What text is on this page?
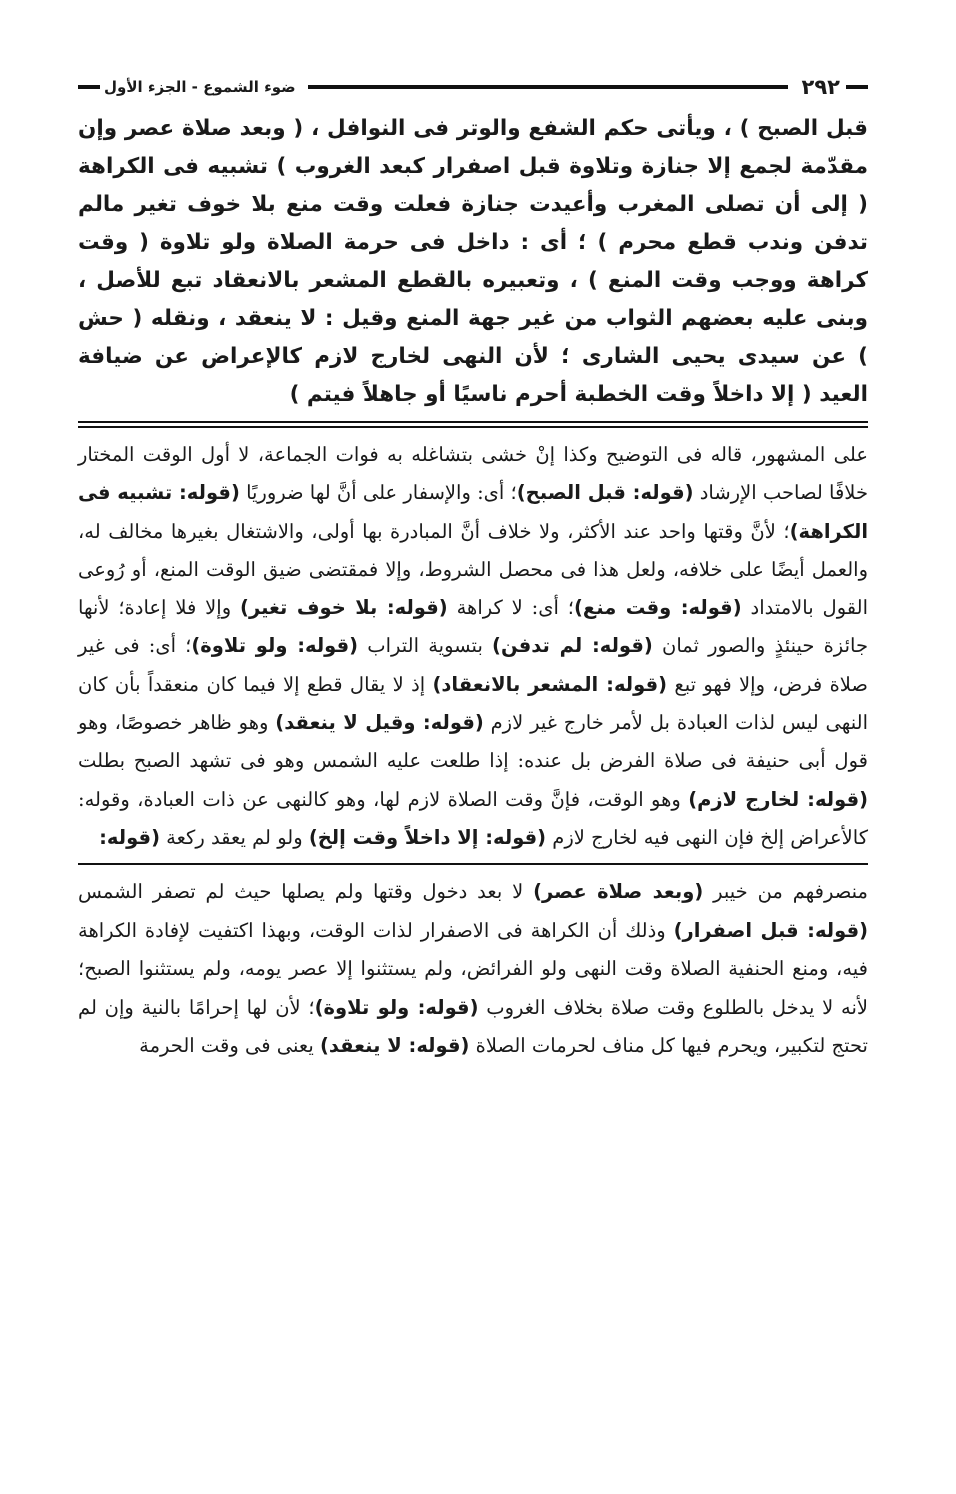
٢٩٢
ضوء الشموع - الجزء الأول
قبل الصبح ) ، ويأتى حكم الشفع والوتر فى النوافل ، ( وبعد صلاة عصر وإن مقدّمة لجمع إلا جنازة وتلاوة قبل اصفرار كبعد الغروب ) تشبيه فى الكراهة ( إلى أن تصلى المغرب وأعيدت جنازة فعلت وقت منع بلا خوف تغير مالم تدفن وندب قطع محرم ) ؛ أى : داخل فى حرمة الصلاة ولو تلاوة ( وقت كراهة ووجب وقت المنع ) ، وتعبيره بالقطع المشعر بالانعقاد تبع للأصل ، وبنى عليه بعضهم الثواب من غير جهة المنع وقيل : لا ينعقد ، ونقله ( حش ) عن سيدى يحيى الشارى ؛ لأن النهى لخارج لازم كالإعراض عن ضيافة العيد ( إلا داخلاً وقت الخطبة أحرم ناسيًا أو جاهلاً فيتم )
على المشهور، قاله فى التوضيح وكذا إنْ خشى بتشاغله به فوات الجماعة، لا أول الوقت المختار خلافًا لصاحب الإرشاد (قوله: قبل الصبح)؛ أى: والإسفار على أنَّ لها ضروريًا (قوله: تشبيه فى الكراهة)؛ لأنَّ وقتها واحد عند الأكثر، ولا خلاف أنَّ المبادرة بها أولى، والاشتغال بغيرها مخالف له، والعمل أيضًا على خلافه، ولعل هذا فى محصل الشروط، وإلا فمقتضى ضيق الوقت المنع، أو رُوعى القول بالامتداد (قوله: وقت منع)؛ أى: لا كراهة (قوله: بلا خوف تغير) وإلا فلا إعادة؛ لأنها جائزة حينئذٍ والصور ثمان (قوله: لم تدفن) بتسوية التراب (قوله: ولو تلاوة)؛ أى: فى غير صلاة فرض، وإلا فهو تبع (قوله: المشعر بالانعقاد) إذ لا يقال قطع إلا فيما كان منعقداً بأن كان النهى ليس لذات العبادة بل لأمر خارج غير لازم (قوله: وقيل لا ينعقد) وهو ظاهر خصوصًا، وهو قول أبى حنيفة فى صلاة الفرض بل عنده: إذا طلعت عليه الشمس وهو فى تشهد الصبح بطلت (قوله: لخارج لازم) وهو الوقت، فإنَّ وقت الصلاة لازم لها، وهو كالنهى عن ذات العبادة، وقوله: كالأعراض إلخ فإن النهى فيه لخارج لازم (قوله: إلا داخلاً وقت إلخ) ولو لم يعقد ركعة (قوله:
منصرفهم من خيبر (وبعد صلاة عصر) لا بعد دخول وقتها ولم يصلها حيث لم تصفر الشمس (قوله: قبل اصفرار) وذلك أن الكراهة فى الاصفرار لذات الوقت، وبهذا اكتفيت لإفادة الكراهة فيه، ومنع الحنفية الصلاة وقت النهى ولو الفرائض، ولم يستثنوا إلا عصر يومه، ولم يستثنوا الصبح؛ لأنه لا يدخل بالطلوع وقت صلاة بخلاف الغروب (قوله: ولو تلاوة)؛ لأن لها إحرامًا بالنية وإن لم تحتج لتكبير، ويحرم فيها كل مناف لحرمات الصلاة (قوله: لا ينعقد) يعنى فى وقت الحرمة
